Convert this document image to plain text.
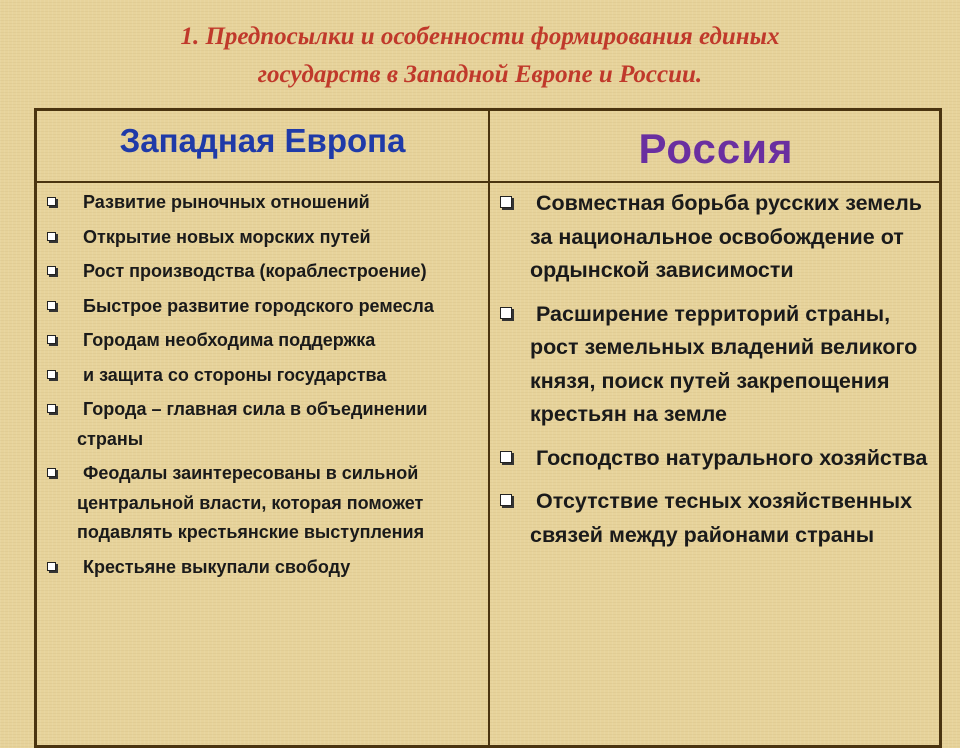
1. Предпосылки и особенности формирования единых
государств в Западной Европе и России.
Западная Европа	Россия
Развитие рыночных отношений
Открытие новых морских путей
Рост производства (кораблестроение)
Быстрое развитие городского ремесла
Городам необходима поддержка
и защита со стороны государства
Города – главная сила в объединении страны
Феодалы заинтересованы в сильной центральной власти, которая поможет подавлять крестьянские выступления
Крестьяне выкупали свободу
Совместная борьба русских земель за национальное освобождение от ордынской зависимости
Расширение территорий страны, рост земельных владений великого князя, поиск путей закрепощения крестьян на земле
Господство натурального хозяйства
Отсутствие тесных хозяйственных связей между районами страны
